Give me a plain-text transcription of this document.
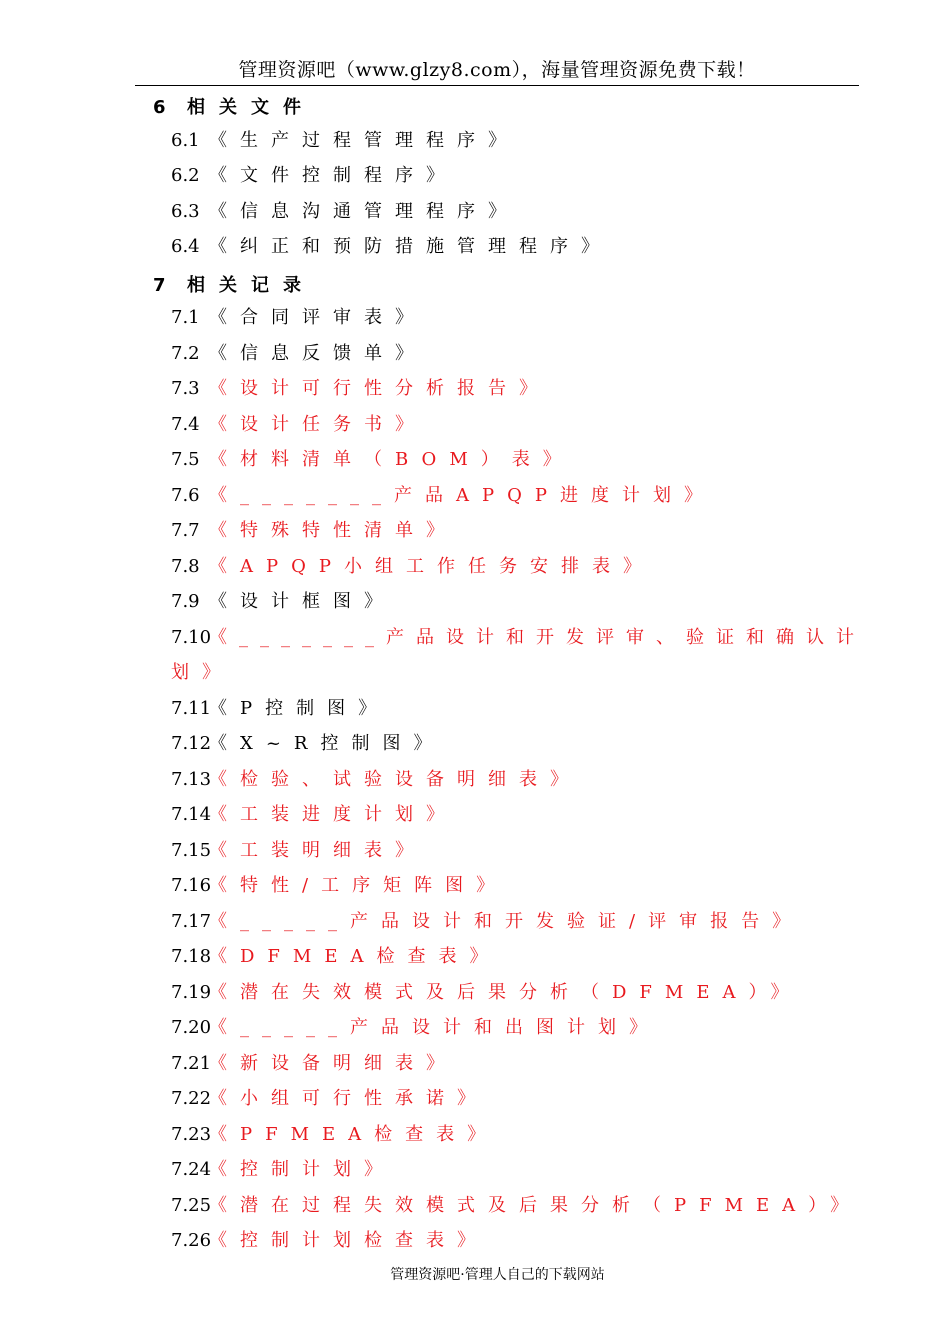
管理资源吧（www.glzy8.com），海量管理资源免费下载！
6 相关文件
6.1 《生产过程管理程序》
6.2 《文件控制程序》
6.3 《信息沟通管理程序》
6.4 《纠正和预防措施管理程序》
7 相关记录
7.1 《合同评审表》
7.2 《信息反馈单》
7.3 《设计可行性分析报告》
7.4 《设计任务书》
7.5 《材料清单（BOM）表》
7.6 《_______产品APQP进度计划》
7.7 《特殊特性清单》
7.8 《APQP小组工作任务安排表》
7.9 《设计框图》
7.10《_______产品设计和开发评审、验证和确认计
划》
7.11《P控制图》
7.12《X~R控制图》
7.13《检验、试验设备明细表》
7.14《工装进度计划》
7.15《工装明细表》
7.16《特性/工序矩阵图》
7.17《_____产品设计和开发验证/评审报告》
7.18《DFMEA检查表》
7.19《潜在失效模式及后果分析（DFMEA）》
7.20《_____产品设计和出图计划》
7.21《新设备明细表》
7.22《小组可行性承诺》
7.23《PFMEA检查表》
7.24《控制计划》
7.25《潜在过程失效模式及后果分析（PFMEA）》
7.26《控制计划检查表》
管理资源吧·管理人自己的下载网站
